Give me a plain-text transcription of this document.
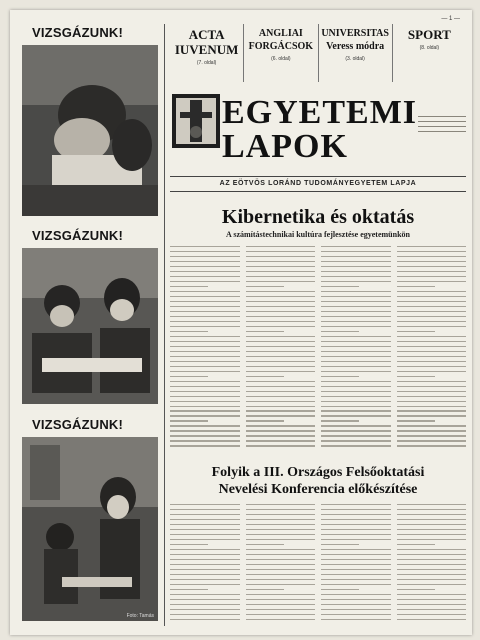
VIZSGÁZUNK!
VIZSGÁZUNK!
VIZSGÁZUNK!
Foto: Tamás
ACTA
IUVENUM
(7. oldal)
ANGLIAI
FORGÁCSOK
(6. oldal)
UNIVERSITAS
Veress módra
(3. oldal)
SPORT
(8. oldal)
EGYETEMI
LAPOK
AZ EÖTVÖS LORÁND TUDOMÁNYEGYETEM LAPJA
Kibernetika és oktatás
A számítástechnikai kultúra fejlesztése egyetemünkön
Folyik a III. Országos Felsőoktatási
Nevelési Konferencia előkészítése
— 1 —
